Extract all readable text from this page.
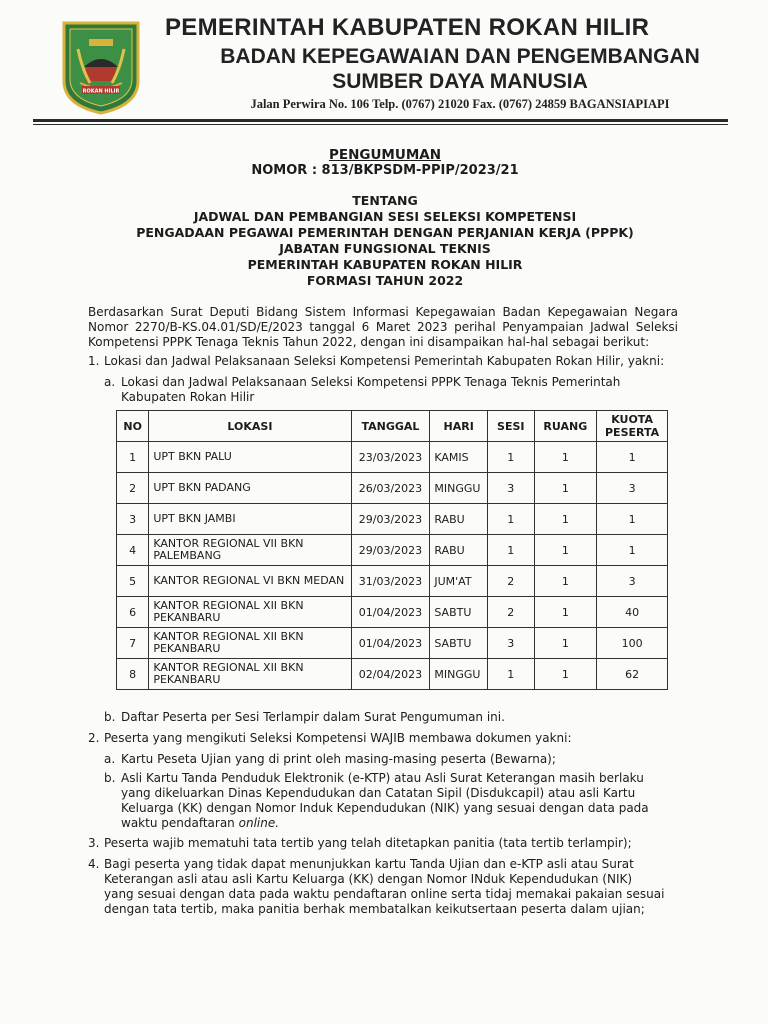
ROKAN HILIR
PEMERINTAH KABUPATEN ROKAN HILIR
BADAN KEPEGAWAIAN DAN PENGEMBANGAN
SUMBER DAYA MANUSIA
Jalan Perwira No. 106 Telp. (0767) 21020 Fax. (0767) 24859 BAGANSIAPIAPI
PENGUMUMAN
NOMOR : 813/BKPSDM-PPIP/2023/21
TENTANG
JADWAL DAN PEMBANGIAN SESI SELEKSI KOMPETENSI
PENGADAAN PEGAWAI PEMERINTAH DENGAN PERJANIAN KERJA (PPPK)
JABATAN FUNGSIONAL TEKNIS
PEMERINTAH KABUPATEN ROKAN HILIR
FORMASI TAHUN 2022
Berdasarkan Surat Deputi Bidang Sistem Informasi Kepegawaian Badan Kepegawaian Negara Nomor 2270/B-KS.04.01/SD/E/2023 tanggal 6 Maret 2023 perihal Penyampaian Jadwal Seleksi Kompetensi PPPK Tenaga Teknis Tahun 2022, dengan ini disampaikan hal-hal sebagai berikut:
1. Lokasi dan Jadwal Pelaksanaan Seleksi Kompetensi Pemerintah Kabupaten Rokan Hilir, yakni:
a. Lokasi dan Jadwal Pelaksanaan Seleksi Kompetensi PPPK Tenaga Teknis Pemerintah
Kabupaten Rokan Hilir
NO	LOKASI	TANGGAL	HARI	SESI	RUANG	KUOTA PESERTA
1	UPT BKN PALU	23/03/2023	KAMIS	1	1	1
2	UPT BKN PADANG	26/03/2023	MINGGU	3	1	3
3	UPT BKN JAMBI	29/03/2023	RABU	1	1	1
4	KANTOR REGIONAL VII BKN PALEMBANG	29/03/2023	RABU	1	1	1
5	KANTOR REGIONAL VI BKN MEDAN	31/03/2023	JUM'AT	2	1	3
6	KANTOR REGIONAL XII BKN PEKANBARU	01/04/2023	SABTU	2	1	40
7	KANTOR REGIONAL XII BKN PEKANBARU	01/04/2023	SABTU	3	1	100
8	KANTOR REGIONAL XII BKN PEKANBARU	02/04/2023	MINGGU	1	1	62
b. Daftar Peserta per Sesi Terlampir dalam Surat Pengumuman ini.
2. Peserta yang mengikuti Seleksi Kompetensi WAJIB membawa dokumen yakni:
a. Kartu Peseta Ujian yang di print oleh masing-masing peserta (Bewarna);
b. Asli Kartu Tanda Penduduk Elektronik (e-KTP) atau Asli Surat Keterangan masih berlaku
yang dikeluarkan Dinas Kependudukan dan Catatan Sipil (Disdukcapil) atau asli Kartu
Keluarga (KK) dengan Nomor Induk Kependudukan (NIK) yang sesuai dengan data pada
waktu pendaftaran online.
3. Peserta wajib mematuhi tata tertib yang telah ditetapkan panitia (tata tertib terlampir);
4. Bagi peserta yang tidak dapat menunjukkan kartu Tanda Ujian dan e-KTP asli atau Surat
Keterangan asli atau asli Kartu Keluarga (KK) dengan Nomor INduk Kependudukan (NIK)
yang sesuai dengan data pada waktu pendaftaran online serta tidaj memakai pakaian sesuai
dengan tata tertib, maka panitia berhak membatalkan keikutsertaan peserta dalam ujian;
